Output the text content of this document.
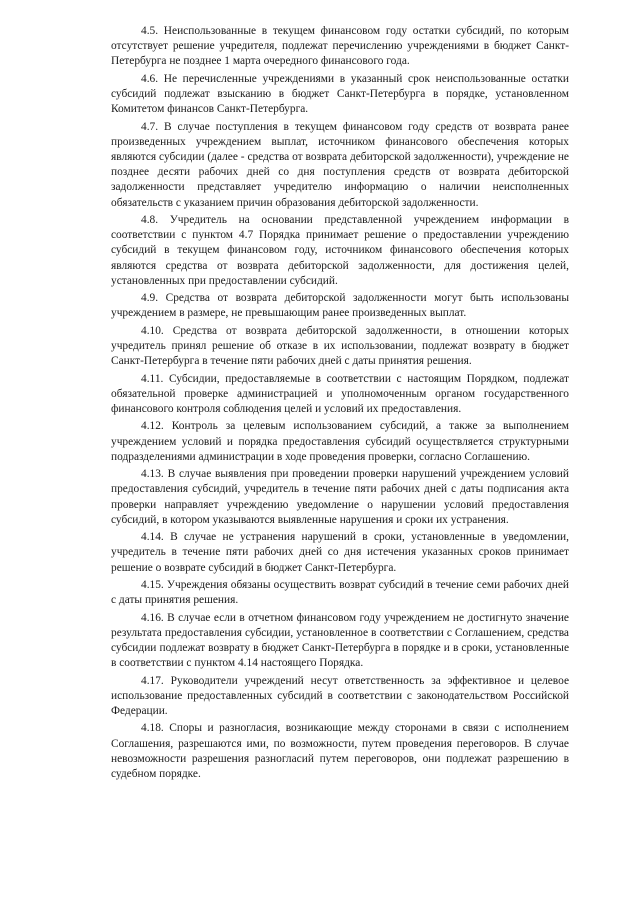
4.5. Неиспользованные в текущем финансовом году остатки субсидий, по которым отсутствует решение учредителя, подлежат перечислению учреждениями в бюджет Санкт-Петербурга не позднее 1 марта очередного финансового года.

4.6. Не перечисленные учреждениями в указанный срок неиспользованные остатки субсидий подлежат взысканию в бюджет Санкт-Петербурга в порядке, установленном Комитетом финансов Санкт-Петербурга.

4.7. В случае поступления в текущем финансовом году средств от возврата ранее произведенных учреждением выплат, источником финансового обеспечения которых являются субсидии (далее - средства от возврата дебиторской задолженности), учреждение не позднее десяти рабочих дней со дня поступления средств от возврата дебиторской задолженности представляет учредителю информацию о наличии неисполненных обязательств с указанием причин образования дебиторской задолженности.

4.8. Учредитель на основании представленной учреждением информации в соответствии с пунктом 4.7 Порядка принимает решение о предоставлении учреждению субсидий в текущем финансовом году, источником финансового обеспечения которых являются средства от возврата дебиторской задолженности, для достижения целей, установленных при предоставлении субсидий.

4.9. Средства от возврата дебиторской задолженности могут быть использованы учреждением в размере, не превышающим ранее произведенных выплат.

4.10. Средства от возврата дебиторской задолженности, в отношении которых учредитель принял решение об отказе в их использовании, подлежат возврату в бюджет Санкт-Петербурга в течение пяти рабочих дней с даты принятия решения.

4.11. Субсидии, предоставляемые в соответствии с настоящим Порядком, подлежат обязательной проверке администрацией и уполномоченным органом государственного финансового контроля соблюдения целей и условий их предоставления.

4.12. Контроль за целевым использованием субсидий, а также за выполнением учреждением условий и порядка предоставления субсидий осуществляется структурными подразделениями администрации в ходе проведения проверки, согласно Соглашению.

4.13. В случае выявления при проведении проверки нарушений учреждением условий предоставления субсидий, учредитель в течение пяти рабочих дней с даты подписания акта проверки направляет учреждению уведомление о нарушении условий предоставления субсидий, в котором указываются выявленные нарушения и сроки их устранения.

4.14. В случае не устранения нарушений в сроки, установленные в уведомлении, учредитель в течение пяти рабочих дней со дня истечения указанных сроков принимает решение о возврате субсидий в бюджет Санкт-Петербурга.

4.15. Учреждения обязаны осуществить возврат субсидий в течение семи рабочих дней с даты принятия решения.

4.16. В случае если в отчетном финансовом году учреждением не достигнуто значение результата предоставления субсидии, установленное в соответствии с Соглашением, средства субсидии подлежат возврату в бюджет Санкт-Петербурга в порядке и в сроки, установленные в соответствии с пунктом 4.14 настоящего Порядка.

4.17. Руководители учреждений несут ответственность за эффективное и целевое использование предоставленных субсидий в соответствии с законодательством Российской Федерации.

4.18. Споры и разногласия, возникающие между сторонами в связи с исполнением Соглашения, разрешаются ими, по возможности, путем проведения переговоров. В случае невозможности разрешения разногласий путем переговоров, они подлежат разрешению в судебном порядке.
